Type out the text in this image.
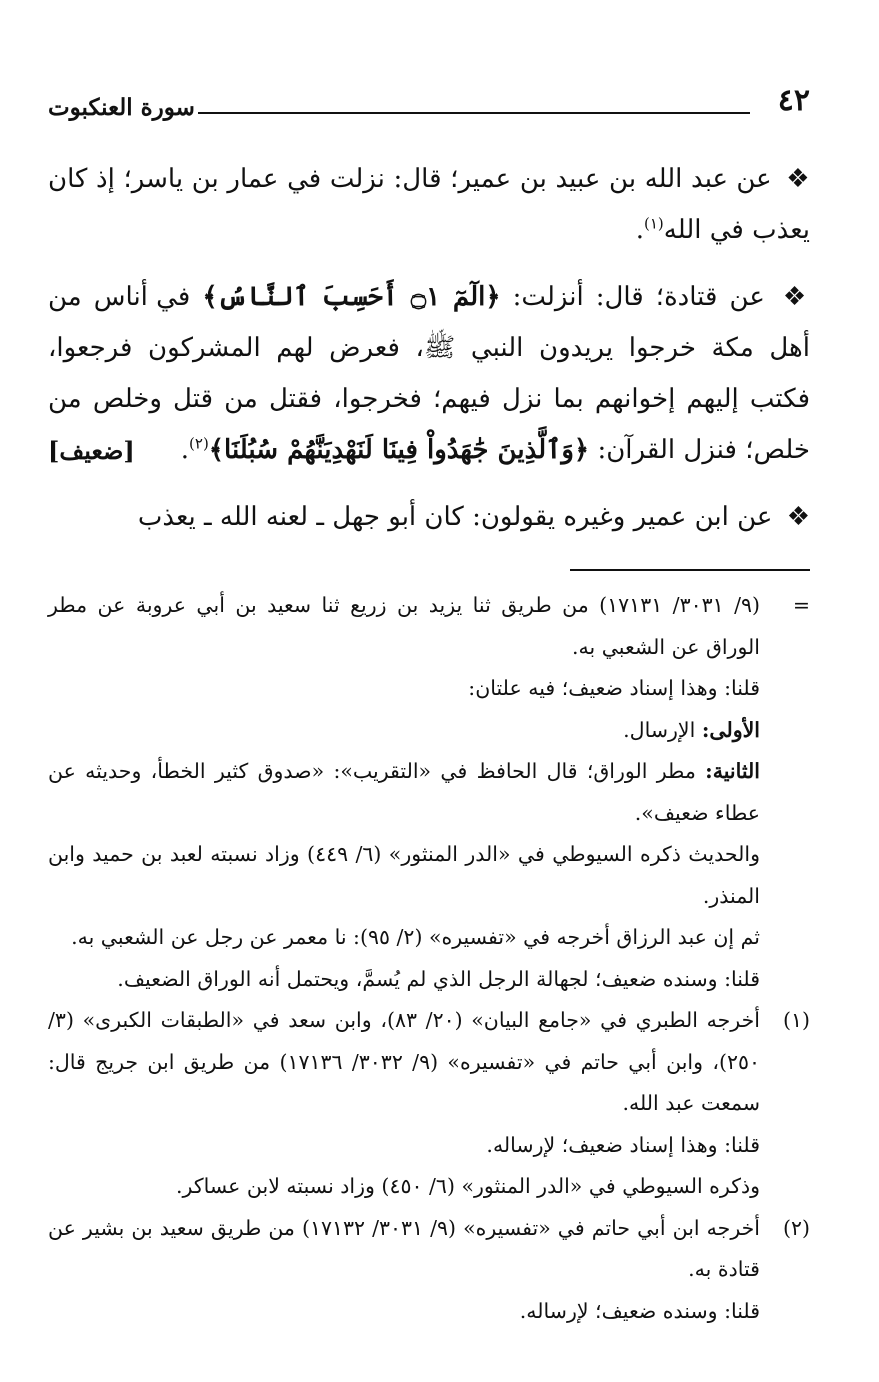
٤٢
سورة العنكبوت

❖ عن عبد الله بن عبيد بن عمير؛ قال: نزلت في عمار بن ياسر؛ إذ كان يعذب في الله$^{(١)}$.

❖ عن قتادة؛ قال: أنزلت: ﴿الٓمٓ ۝١ أَحَسِبَ ٱلنَّاسُ﴾ في أناس من أهل مكة خرجوا يريدون النبي ﷺ، فعرض لهم المشركون فرجعوا، فكتب إليهم إخوانهم بما نزل فيهم؛ فخرجوا، فقتل من قتل وخلص من خلص؛ فنزل القرآن: ﴿وَٱلَّذِينَ جَٰهَدُواْ فِينَا لَنَهْدِيَنَّهُمْ سُبُلَنَا﴾$^{(٢)}$.
[ضعيف]

❖ عن ابن عمير وغيره يقولون: كان أبو جهل ـ لعنه الله ـ يعذب

=

(٩/ ٣٠٣١/ ١٧١٣١) من طريق ثنا يزيد بن زريع ثنا سعيد بن أبي عروبة عن مطر الوراق عن الشعبي به.

قلنا: وهذا إسناد ضعيف؛ فيه علتان:

الأولى: الإرسال.

الثانية: مطر الوراق؛ قال الحافظ في «التقريب»: «صدوق كثير الخطأ، وحديثه عن عطاء ضعيف».

والحديث ذكره السيوطي في «الدر المنثور» (٦/ ٤٤٩) وزاد نسبته لعبد بن حميد وابن المنذر.

ثم إن عبد الرزاق أخرجه في «تفسيره» (٢/ ٩٥): نا معمر عن رجل عن الشعبي به.

قلنا: وسنده ضعيف؛ لجهالة الرجل الذي لم يُسمَّ، ويحتمل أنه الوراق الضعيف.

(١)

أخرجه الطبري في «جامع البيان» (٢٠/ ٨٣)، وابن سعد في «الطبقات الكبرى» (٣/ ٢٥٠)، وابن أبي حاتم في «تفسيره» (٩/ ٣٠٣٢/ ١٧١٣٦) من طريق ابن جريج قال: سمعت عبد الله.

قلنا: وهذا إسناد ضعيف؛ لإرساله.

وذكره السيوطي في «الدر المنثور» (٦/ ٤٥٠) وزاد نسبته لابن عساكر.

(٢)

أخرجه ابن أبي حاتم في «تفسيره» (٩/ ٣٠٣١/ ١٧١٣٢) من طريق سعيد بن بشير عن قتادة به.

قلنا: وسنده ضعيف؛ لإرساله.
